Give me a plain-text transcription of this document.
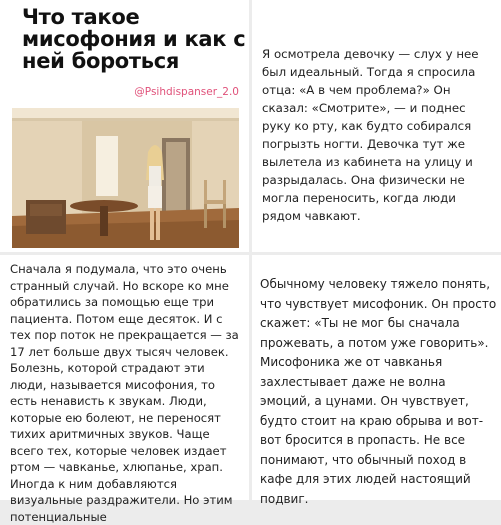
Что такое мисофония и как с ней бороться
@Psihdispanser_2.0

Я осмотрела девочку — слух у нее был идеальный. Тогда я спросила отца: «А в чем проблема?» Он сказал: «Смотрите», — и поднес руку ко рту, как будто собирался погрызть ногти. Девочка тут же вылетела из кабинета на улицу и разрыдалась. Она физически не могла переносить, когда люди рядом чавкают.

Сначала я подумала, что это очень странный случай. Но вскоре ко мне обратились за помощью еще три пациента. Потом еще десяток. И с тех пор поток не прекращается — за 17 лет больше двух тысяч человек. Болезнь, которой страдают эти люди, называется мисофония, то есть ненависть к звукам. Люди, которые ею болеют, не переносят тихих аритмичных звуков. Чаще всего тех, которые человек издает ртом — чавканье, хлюпанье, храп. Иногда к ним добавляются визуальные раздражители. Но этим потенциальные

Обычному человеку тяжело понять, что чувствует мисофоник. Он просто скажет: «Ты не мог бы сначала прожевать, а потом уже говорить». Мисофоника же от чавканья захлестывает даже не волна эмоций, а цунами. Он чувствует, будто стоит на краю обрыва и вот-вот бросится в пропасть. Не все понимают, что обычный поход в кафе для этих людей настоящий подвиг.
